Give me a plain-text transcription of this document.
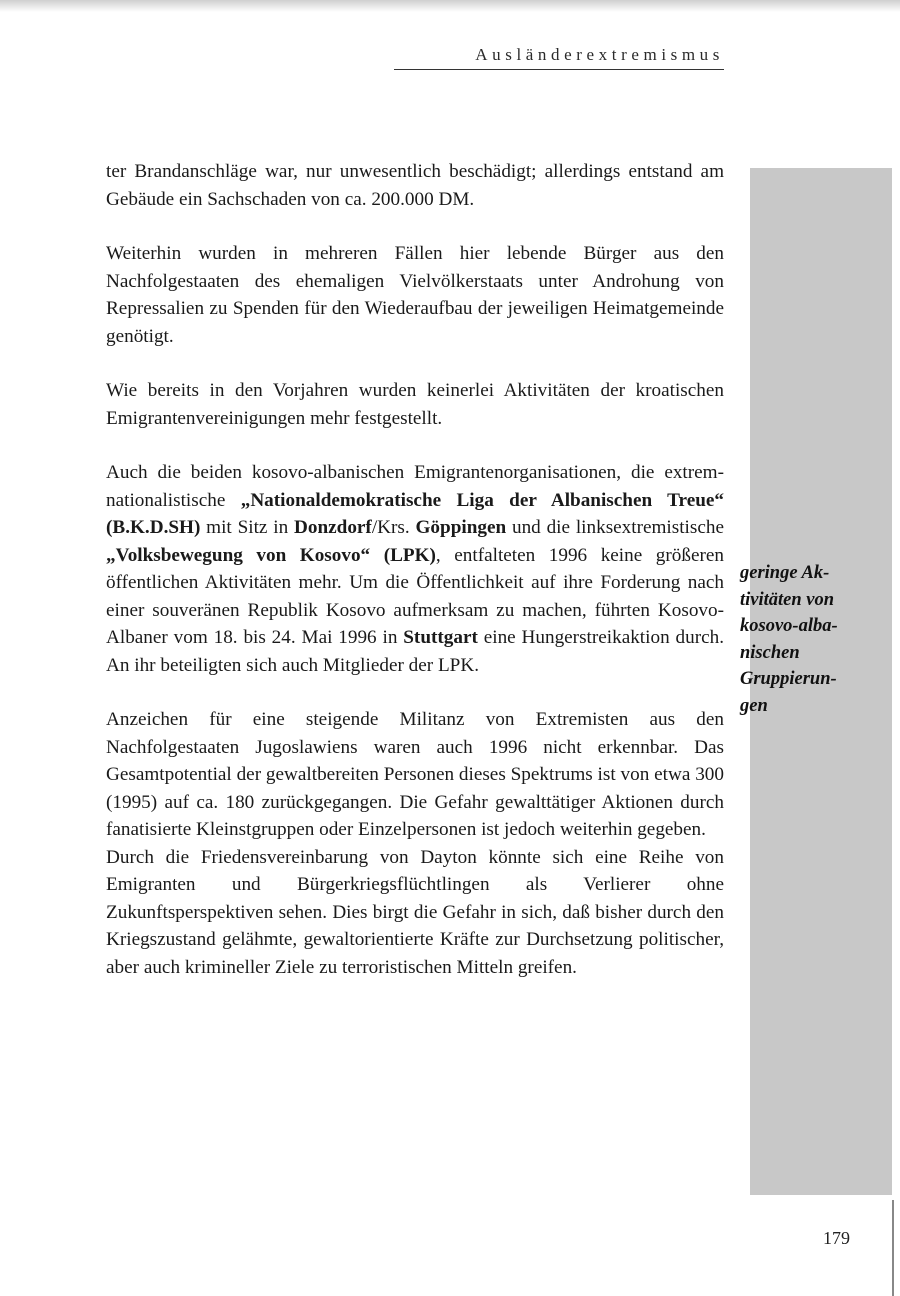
Ausländerextremismus

ter Brandanschläge war, nur unwesentlich beschädigt; allerdings entstand am Gebäude ein Sachschaden von ca. 200.000 DM.

Weiterhin wurden in mehreren Fällen hier lebende Bürger aus den Nachfolgestaaten des ehemaligen Vielvölkerstaats unter Androhung von Repressalien zu Spenden für den Wiederaufbau der jeweiligen Heimatgemeinde genötigt.

Wie bereits in den Vorjahren wurden keinerlei Aktivitäten der kroatischen Emigrantenvereinigungen mehr festgestellt.

Auch die beiden kosovo-albanischen Emigrantenorganisationen, die extrem-nationalistische „Nationaldemokratische Liga der Albanischen Treue“ (B.K.D.SH) mit Sitz in Donzdorf/Krs. Göppingen und die linksextremistische „Volksbewegung von Kosovo“ (LPK), entfalteten 1996 keine größeren öffentlichen Aktivitäten mehr. Um die Öffentlichkeit auf ihre Forderung nach einer souveränen Republik Kosovo aufmerksam zu machen, führten Kosovo-Albaner vom 18. bis 24. Mai 1996 in Stuttgart eine Hungerstreikaktion durch. An ihr beteiligten sich auch Mitglieder der LPK.

Anzeichen für eine steigende Militanz von Extremisten aus den Nachfolgestaaten Jugoslawiens waren auch 1996 nicht erkennbar. Das Gesamtpotential der gewaltbereiten Personen dieses Spektrums ist von etwa 300 (1995) auf ca. 180 zurückgegangen. Die Gefahr gewalttätiger Aktionen durch fanatisierte Kleinstgruppen oder Einzelpersonen ist jedoch weiterhin gegeben.

Durch die Friedensvereinbarung von Dayton könnte sich eine Reihe von Emigranten und Bürgerkriegsflüchtlingen als Verlierer ohne Zukunftsperspektiven sehen. Dies birgt die Gefahr in sich, daß bisher durch den Kriegszustand gelähmte, gewaltorientierte Kräfte zur Durchsetzung politischer, aber auch krimineller Ziele zu terroristischen Mitteln greifen.

geringe Ak-
tivitäten von
kosovo-alba-
nischen
Gruppierun-
gen
179
